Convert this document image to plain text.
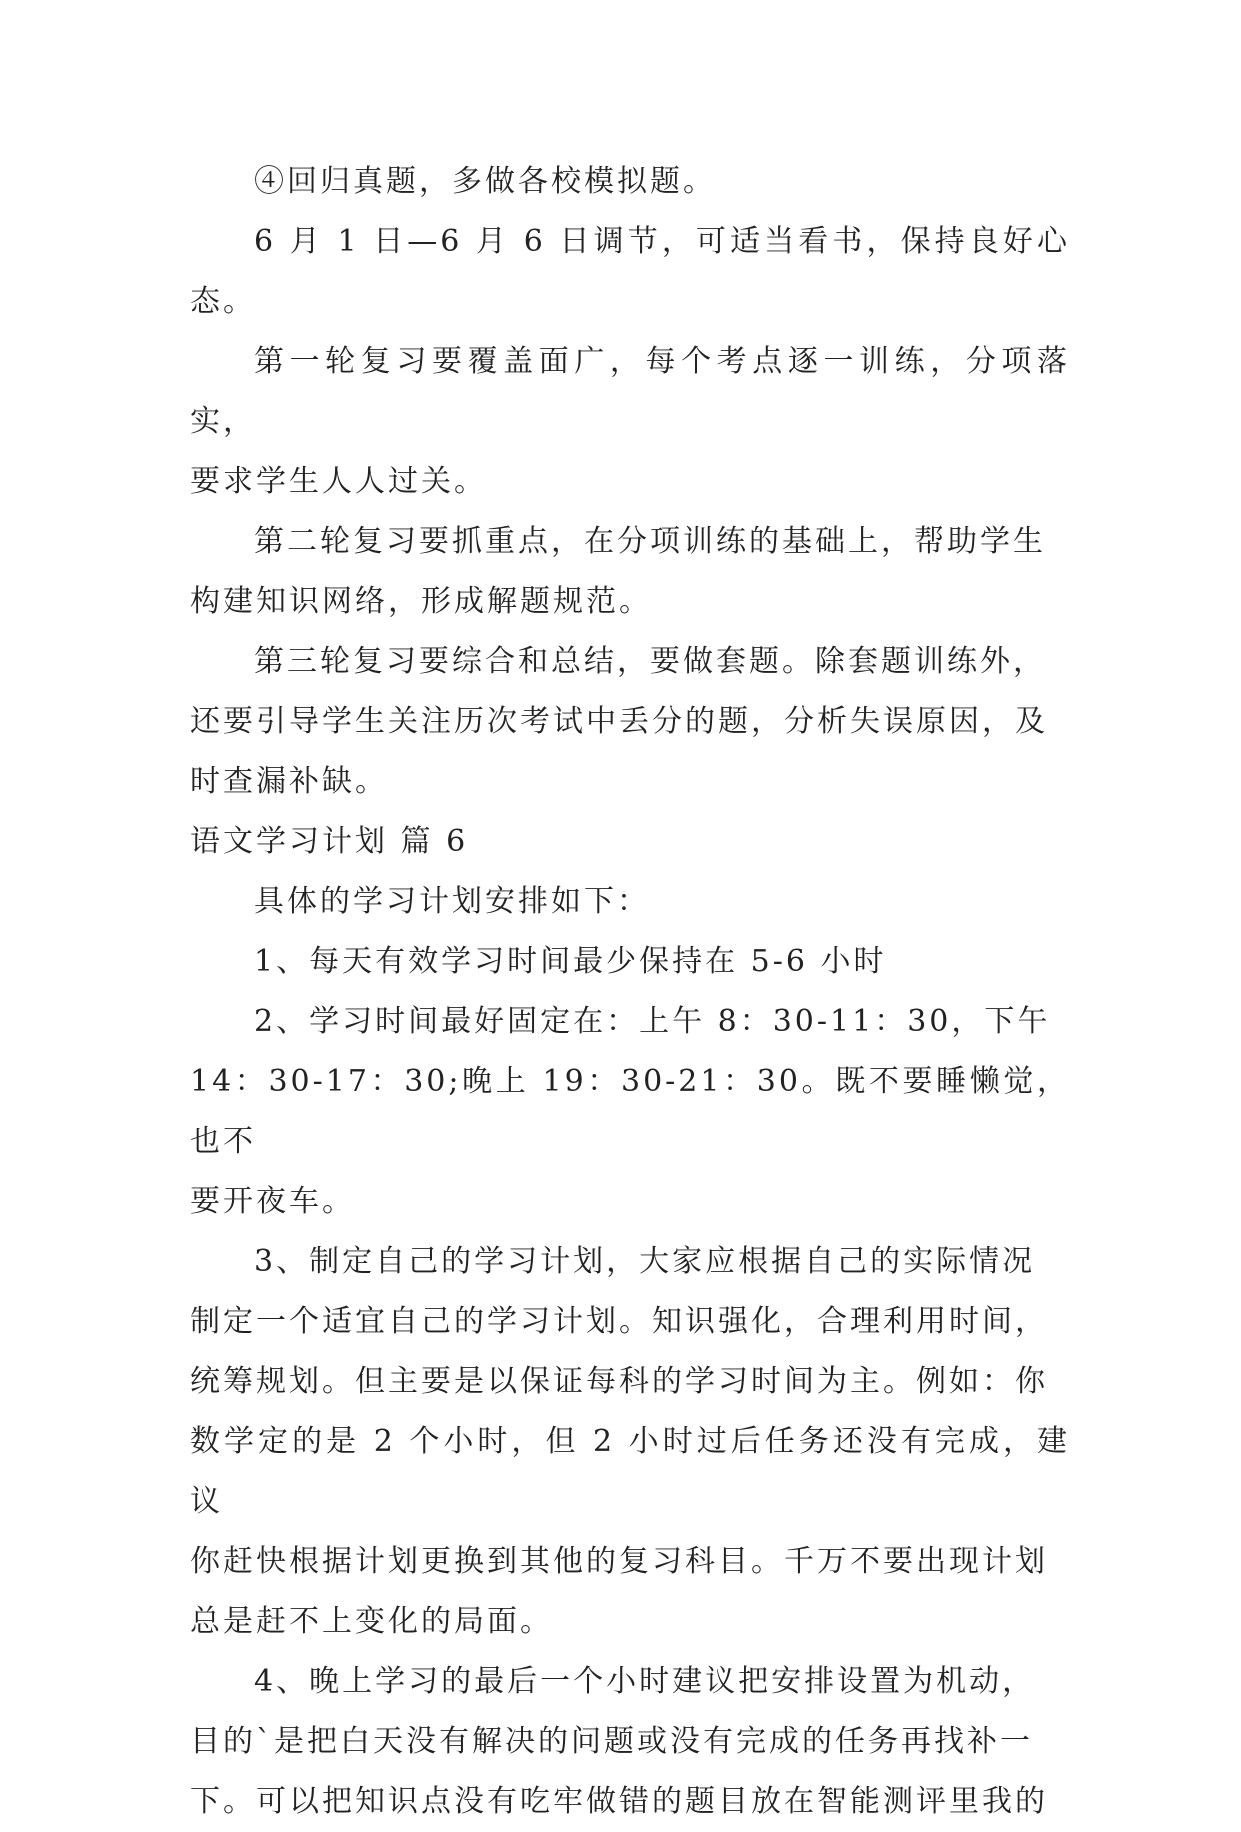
④回归真题，多做各校模拟题。

6 月 1 日—6 月 6 日调节，可适当看书，保持良好心态。

第一轮复习要覆盖面广，每个考点逐一训练，分项落实，
要求学生人人过关。

第二轮复习要抓重点，在分项训练的基础上，帮助学生
构建知识网络，形成解题规范。

第三轮复习要综合和总结，要做套题。除套题训练外，
还要引导学生关注历次考试中丢分的题，分析失误原因，及
时查漏补缺。

语文学习计划 篇 6

具体的学习计划安排如下：

1、每天有效学习时间最少保持在 5-6 小时

2、学习时间最好固定在：上午 8：30-11：30，下午
14：30-17：30;晚上 19：30-21：30。既不要睡懒觉，也不
要开夜车。

3、制定自己的学习计划，大家应根据自己的实际情况
制定一个适宜自己的学习计划。知识强化，合理利用时间，
统筹规划。但主要是以保证每科的学习时间为主。例如：你
数学定的是 2 个小时，但 2 小时过后任务还没有完成，建议
你赶快根据计划更换到其他的复习科目。千万不要出现计划
总是赶不上变化的局面。

4、晚上学习的最后一个小时建议把安排设置为机动，
目的`是把白天没有解决的问题或没有完成的任务再找补一
下。可以把知识点没有吃牢做错的题目放在智能测评里我的
